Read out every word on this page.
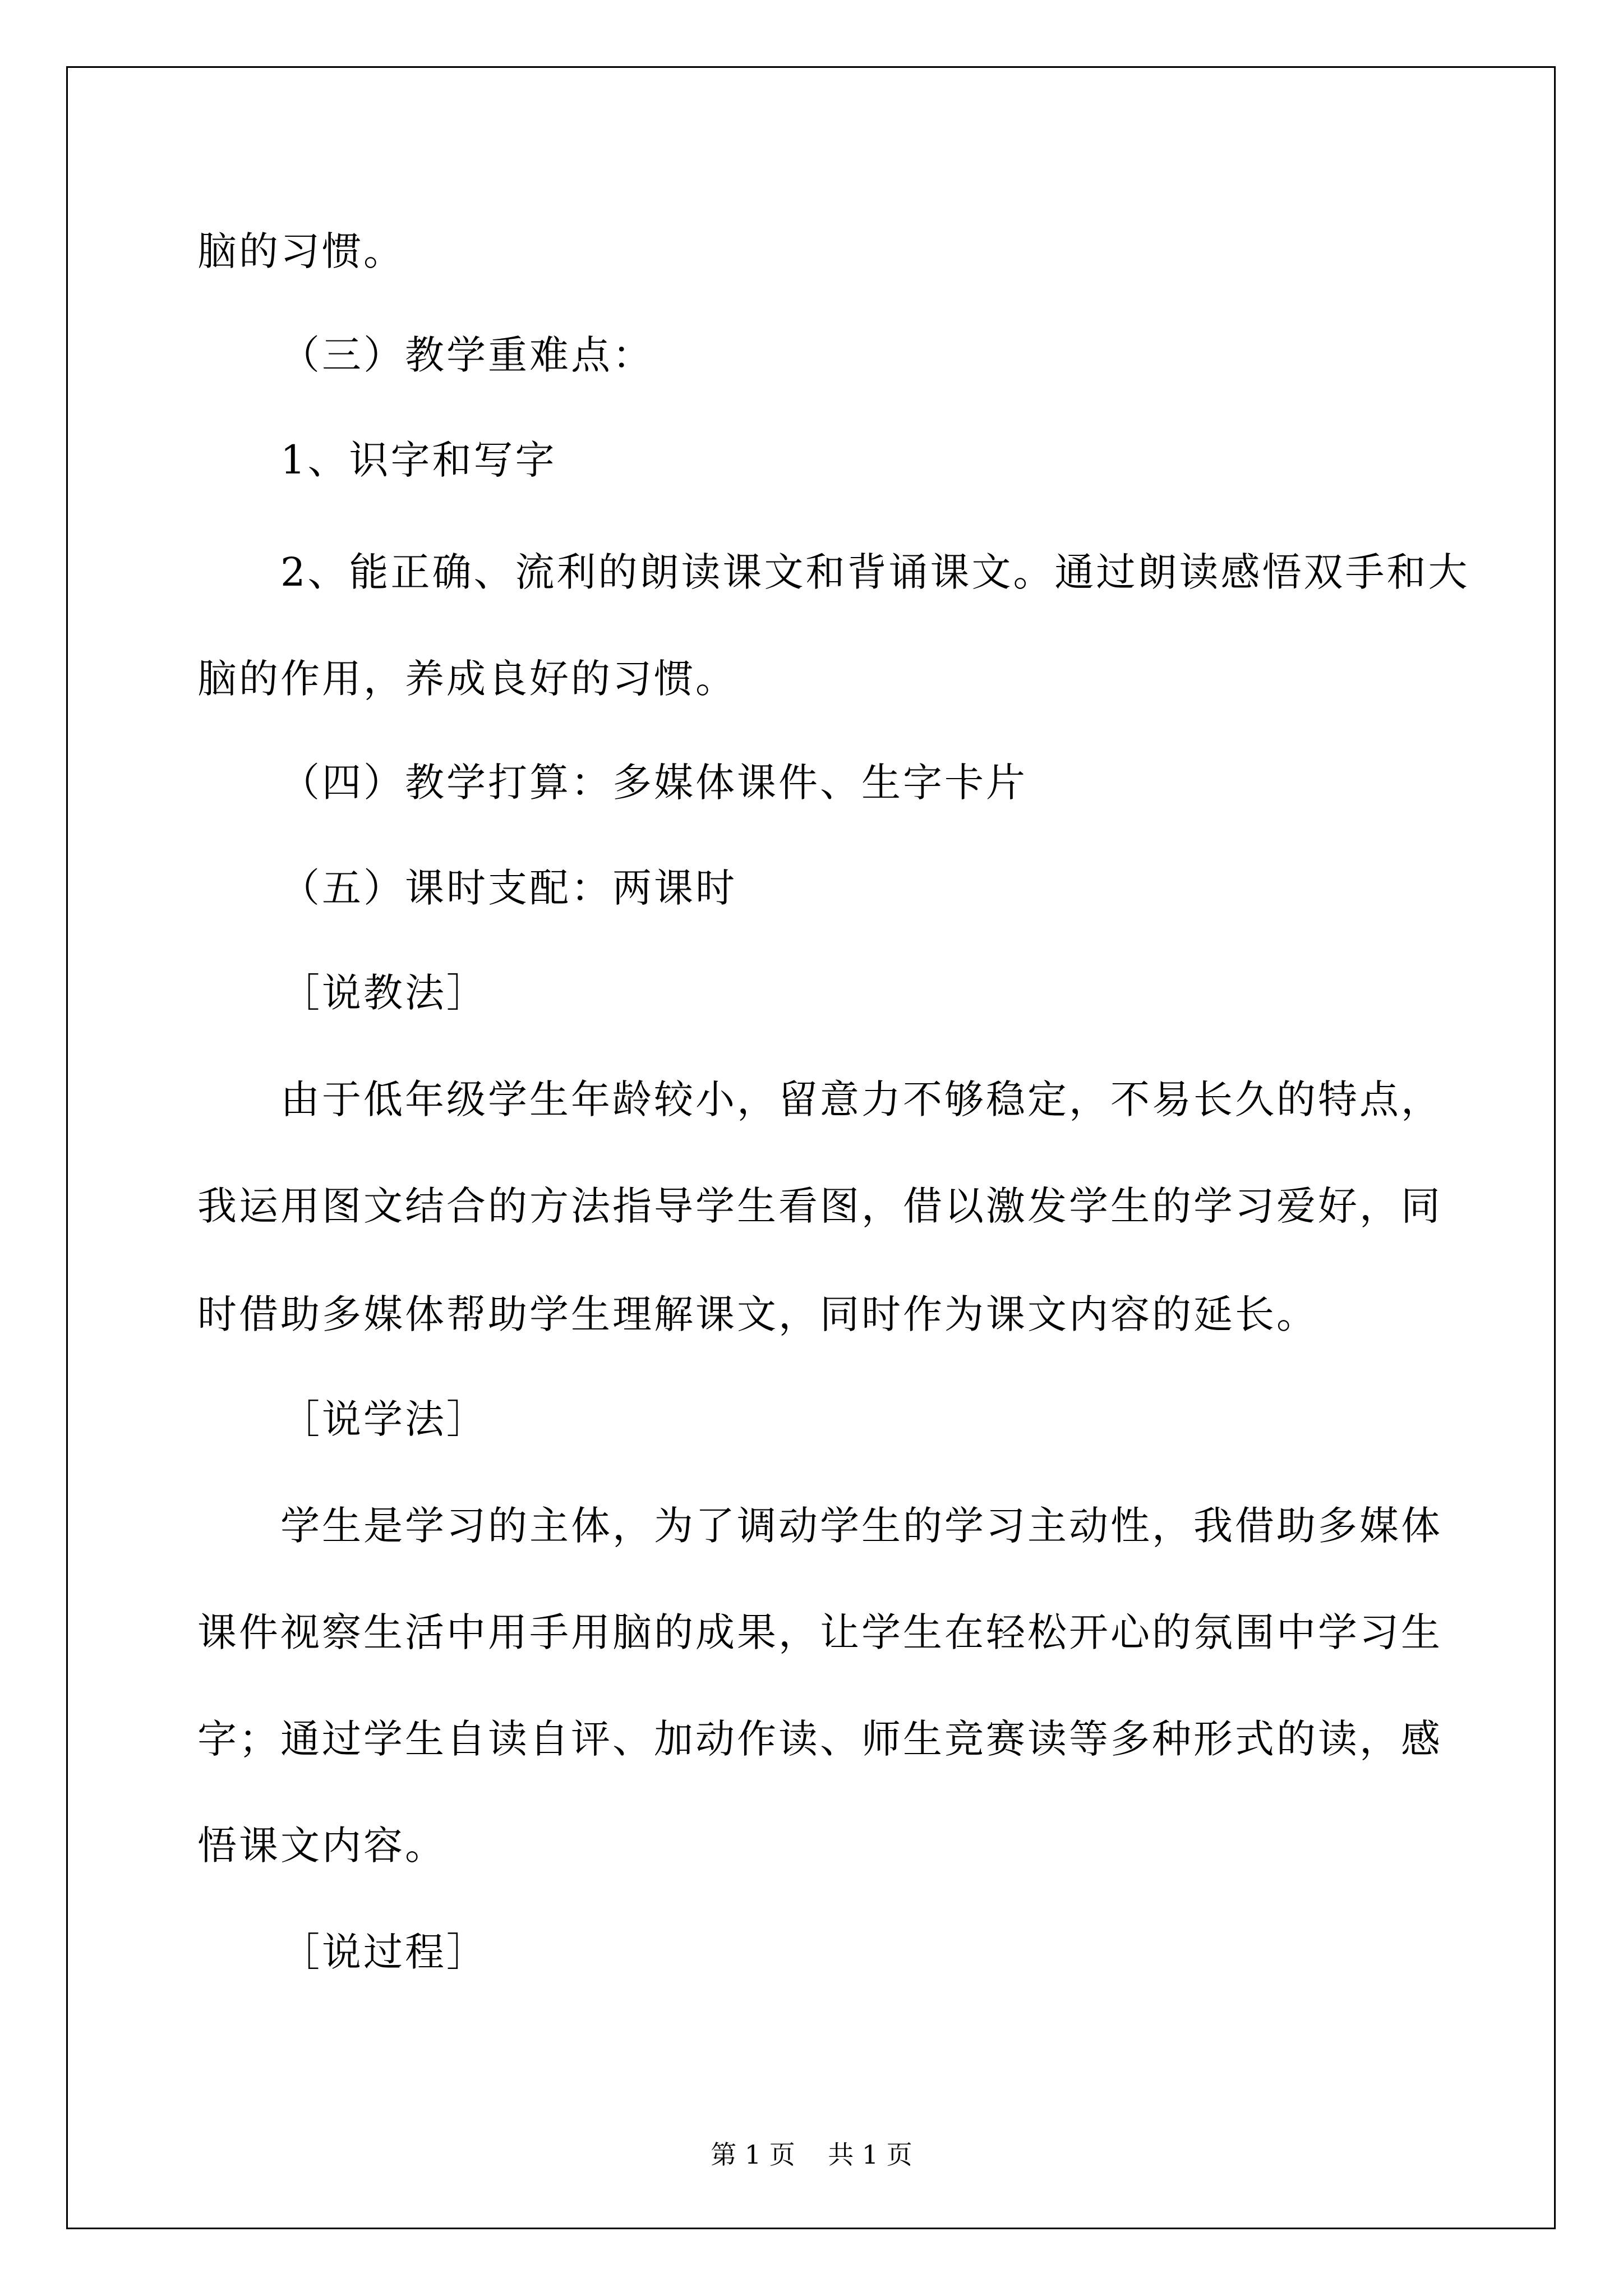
脑的习惯。
（三）教学重难点：
1、识字和写字
2、能正确、流利的朗读课文和背诵课文。通过朗读感悟双手和大
脑的作用，养成良好的习惯。
（四）教学打算：多媒体课件、生字卡片
（五）课时支配：两课时
［说教法］
由于低年级学生年龄较小，留意力不够稳定，不易长久的特点，
我运用图文结合的方法指导学生看图，借以激发学生的学习爱好，同
时借助多媒体帮助学生理解课文，同时作为课文内容的延长。
［说学法］
学生是学习的主体，为了调动学生的学习主动性，我借助多媒体
课件视察生活中用手用脑的成果，让学生在轻松开心的氛围中学习生
字；通过学生自读自评、加动作读、师生竞赛读等多种形式的读，感
悟课文内容。
［说过程］
第 1 页    共 1 页
